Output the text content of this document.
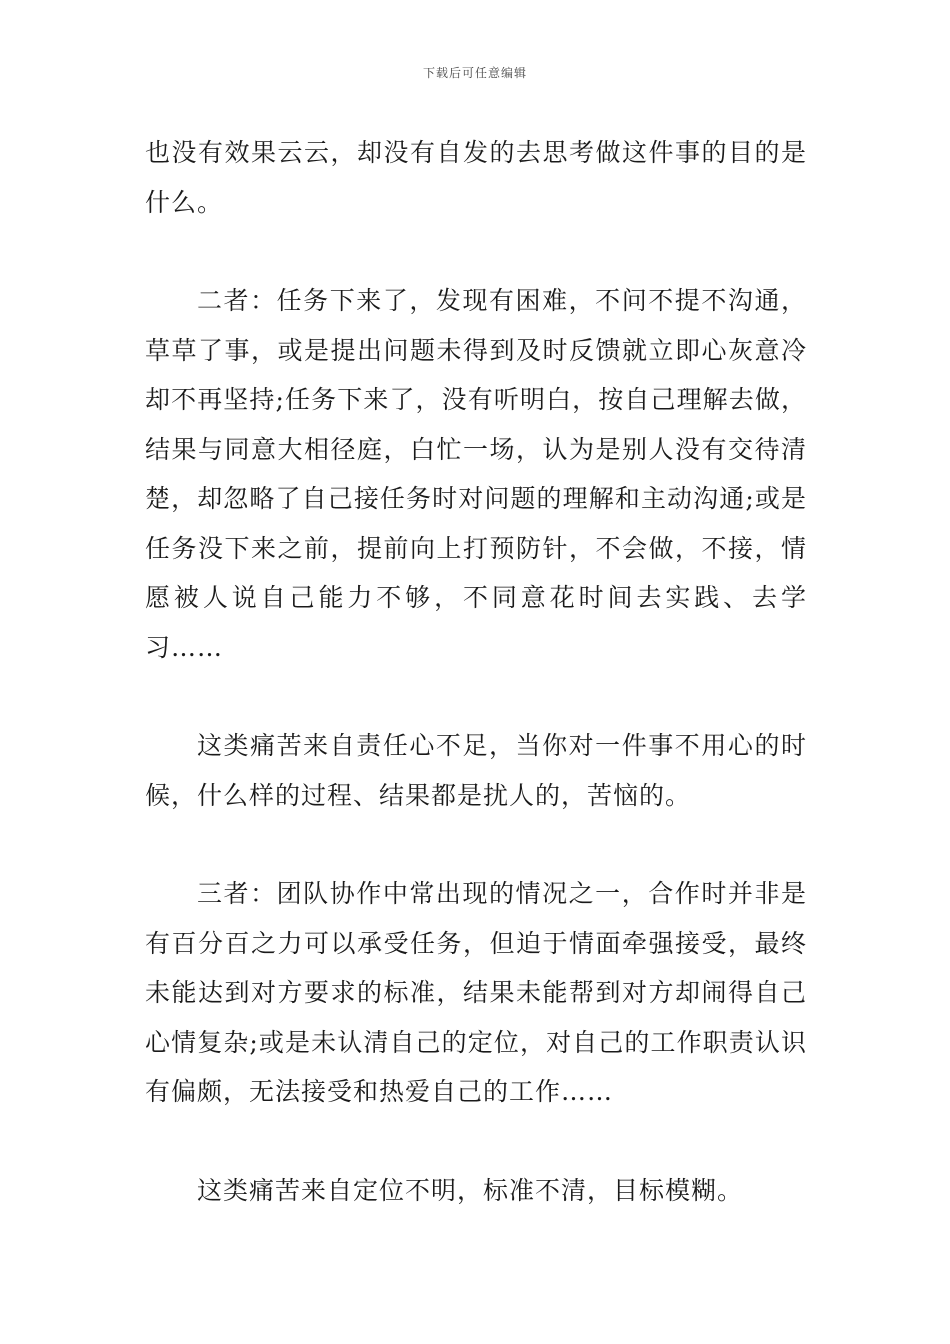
下载后可任意编辑

也没有效果云云，却没有自发的去思考做这件事的目的是什么。

二者：任务下来了，发现有困难，不问不提不沟通，草草了事，或是提出问题未得到及时反馈就立即心灰意冷却不再坚持;任务下来了，没有听明白，按自己理解去做，结果与同意大相径庭，白忙一场，认为是别人没有交待清楚，却忽略了自己接任务时对问题的理解和主动沟通;或是任务没下来之前，提前向上打预防针，不会做，不接，情愿被人说自己能力不够，不同意花时间去实践、去学习……

这类痛苦来自责任心不足，当你对一件事不用心的时候，什么样的过程、结果都是扰人的，苦恼的。

三者：团队协作中常出现的情况之一，合作时并非是有百分百之力可以承受任务，但迫于情面牵强接受，最终未能达到对方要求的标准，结果未能帮到对方却闹得自己心情复杂;或是未认清自己的定位，对自己的工作职责认识有偏颇，无法接受和热爱自己的工作……

这类痛苦来自定位不明，标准不清，目标模糊。
